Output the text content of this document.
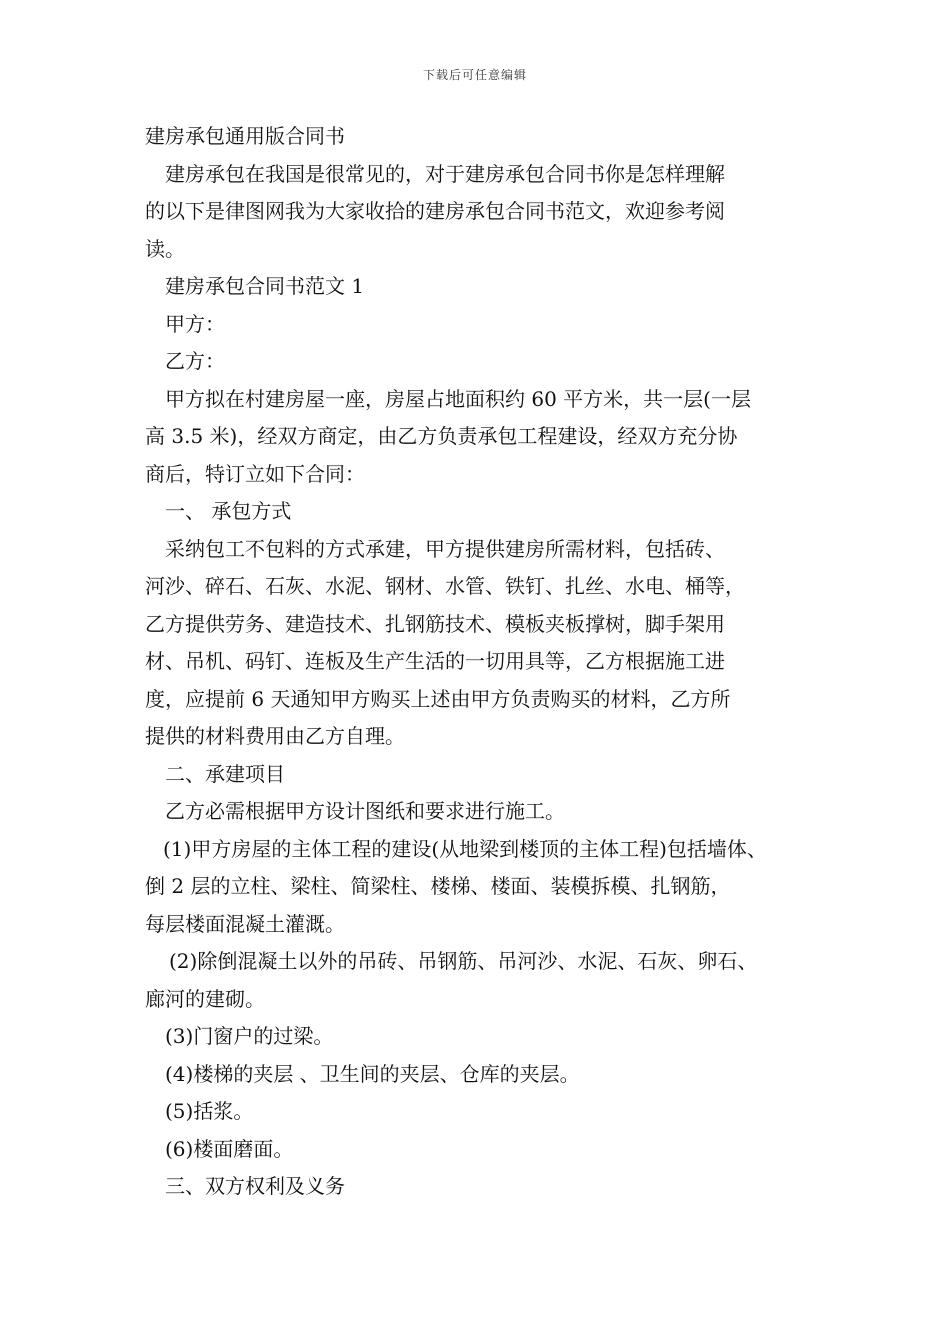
下载后可任意编辑

建房承包通用版合同书

建房承包在我国是很常见的，对于建房承包合同书你是怎样理解

的以下是律图网我为大家收拾的建房承包合同书范文，欢迎参考阅

读。

建房承包合同书范文 1

甲方：

乙方：

甲方拟在村建房屋一座，房屋占地面积约 60 平方米，共一层(一层

高 3.5 米)，经双方商定，由乙方负责承包工程建设，经双方充分协

商后，特订立如下合同：

一、 承包方式

采纳包工不包料的方式承建，甲方提供建房所需材料，包括砖、

河沙、碎石、石灰、水泥、钢材、水管、铁钉、扎丝、水电、桶等，

乙方提供劳务、建造技术、扎钢筋技术、模板夹板撑树，脚手架用

材、吊机、码钉、连板及生产生活的一切用具等，乙方根据施工进

度，应提前 6 天通知甲方购买上述由甲方负责购买的材料，乙方所

提供的材料费用由乙方自理。

二、承建项目

乙方必需根据甲方设计图纸和要求进行施工。

(1)甲方房屋的主体工程的建设(从地梁到楼顶的主体工程)包括墙体、

倒 2 层的立柱、梁柱、简梁柱、楼梯、楼面、装模拆模、扎钢筋，

每层楼面混凝土灌溉。

(2)除倒混凝土以外的吊砖、吊钢筋、吊河沙、水泥、石灰、卵石、

廊河的建砌。

(3)门窗户的过梁。

(4)楼梯的夹层 、卫生间的夹层、仓库的夹层。

(5)括浆。

(6)楼面磨面。

三、双方权利及义务
